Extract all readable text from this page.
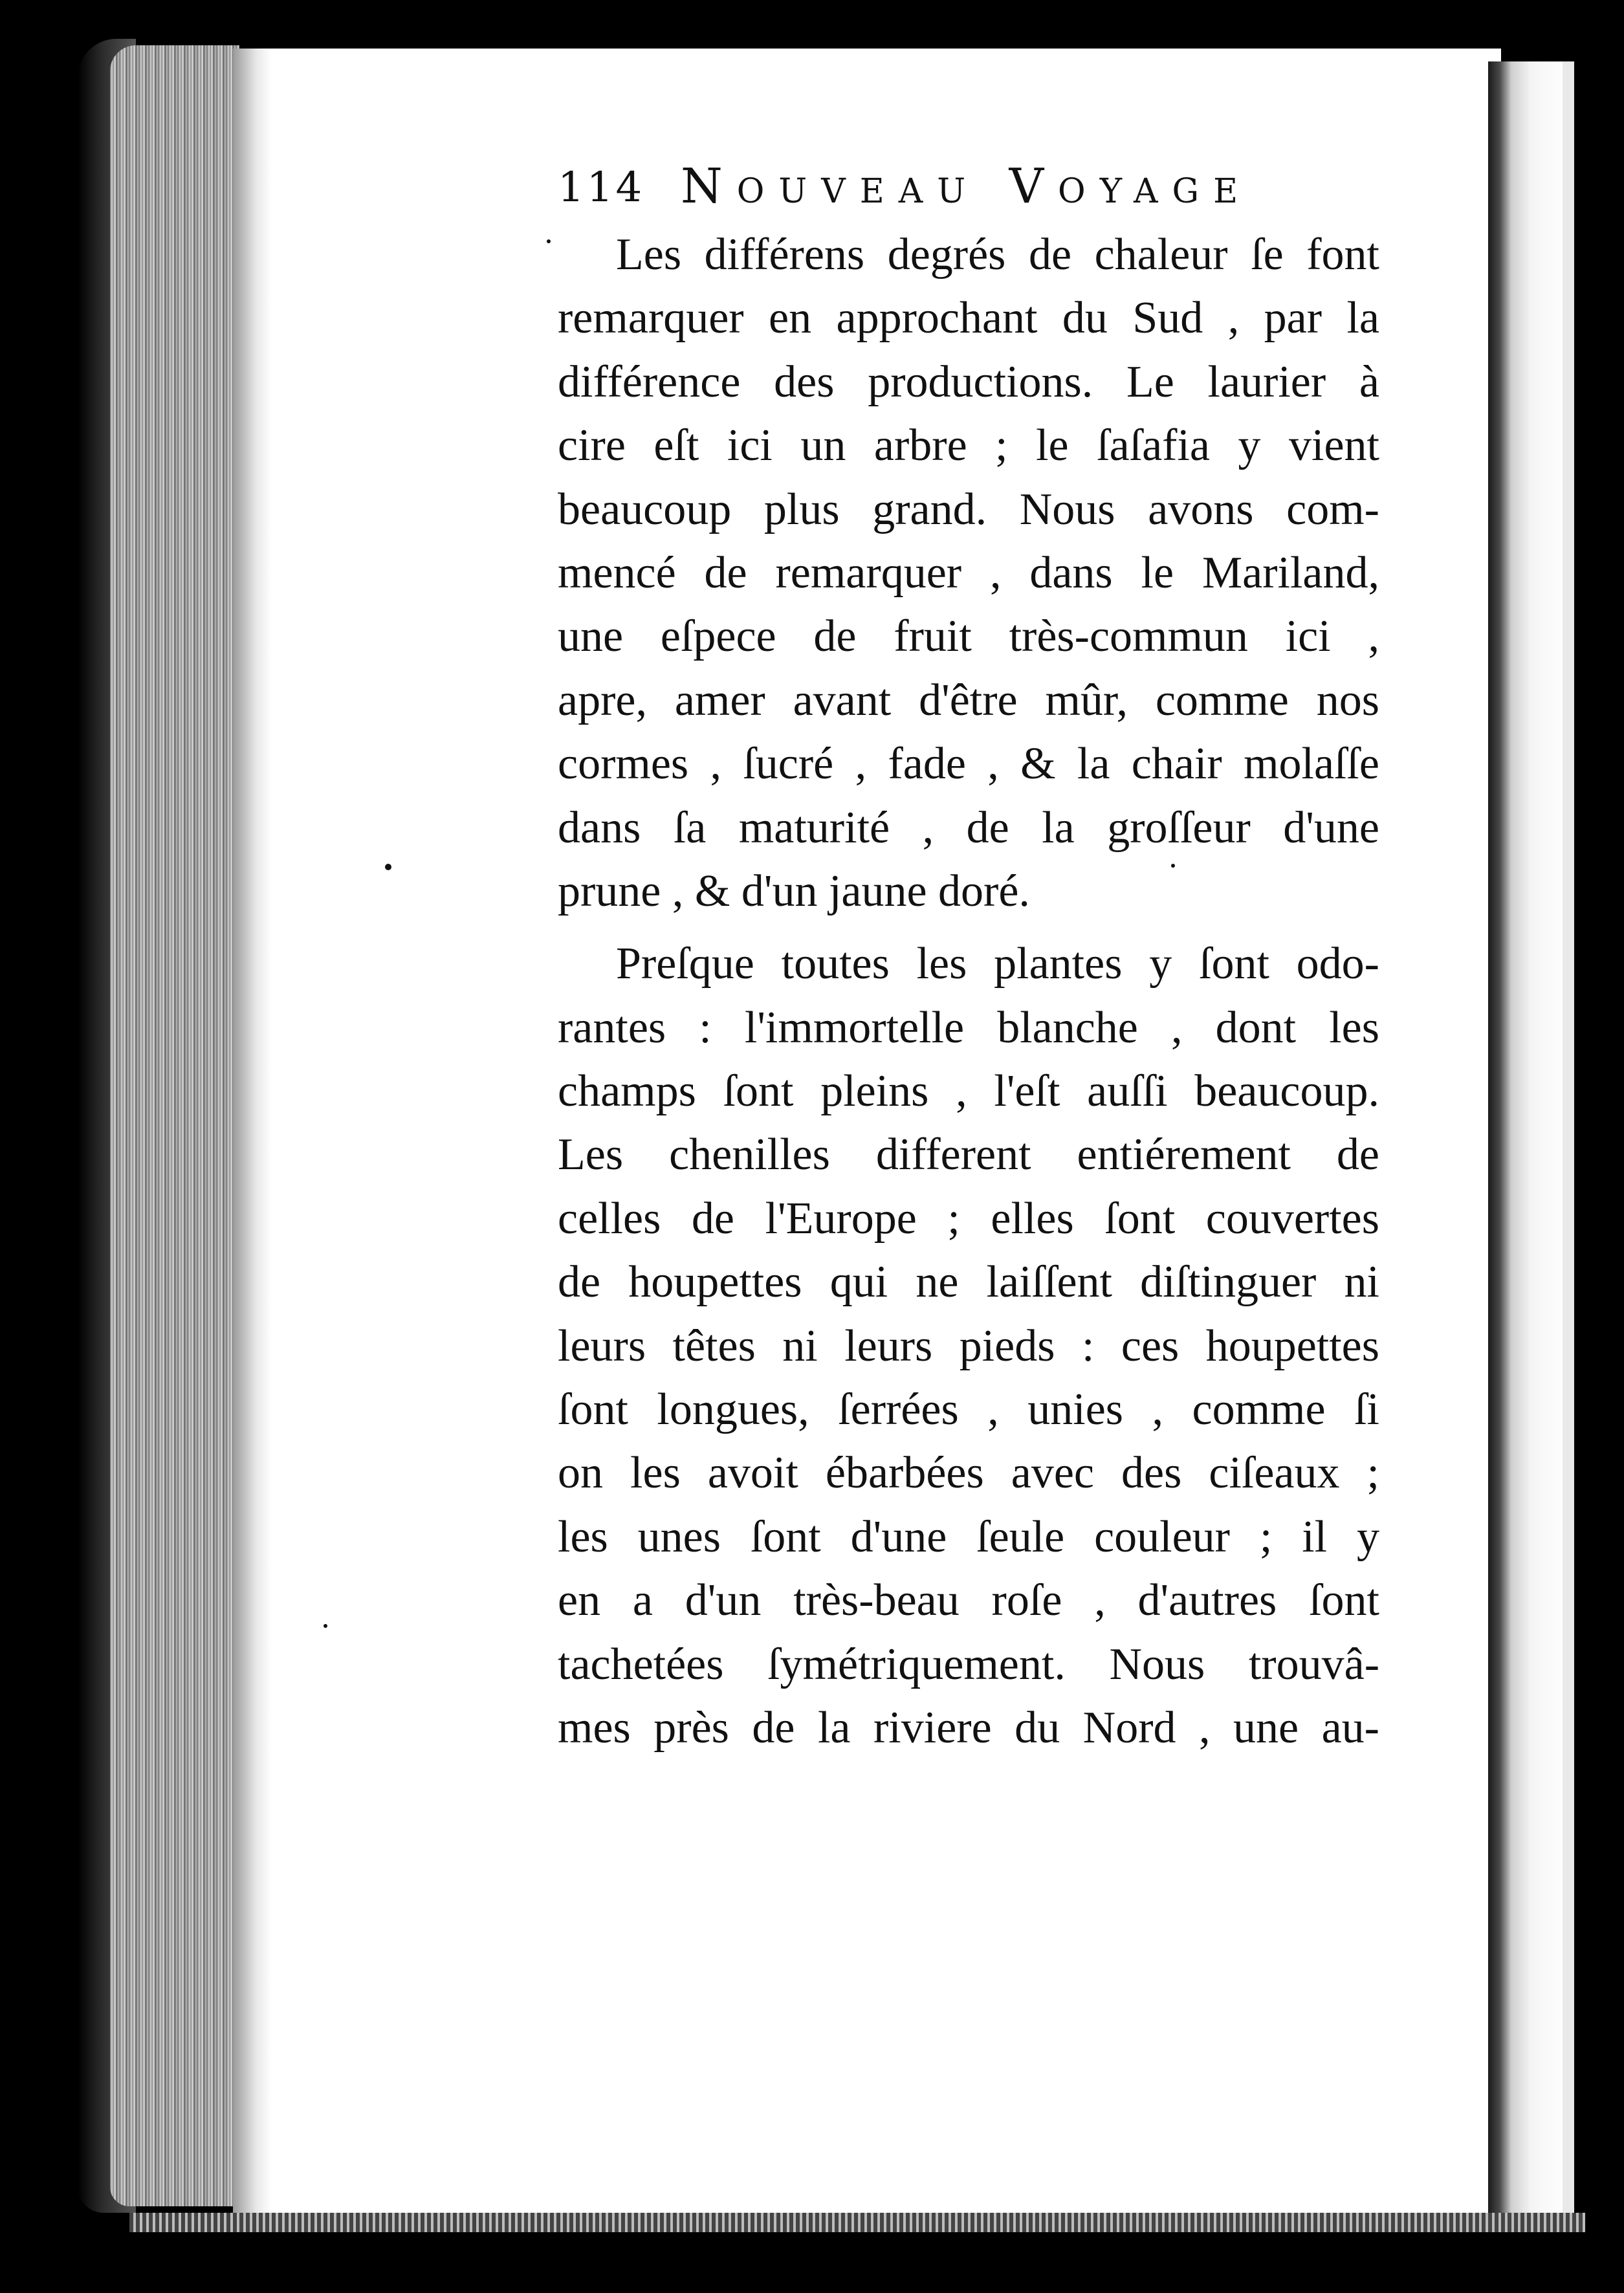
114 Nouveau Voyage
Les différens degrés de chaleur ſe font
remarquer en approchant du Sud , par la
différence des productions. Le laurier à
cire eſt ici un arbre ; le ſaſafia y vient
beaucoup plus grand. Nous avons com-
mencé de remarquer , dans le Mariland,
une eſpece de fruit très-commun ici ,
apre, amer avant d'être mûr, comme nos
cormes , ſucré , fade , & la chair molaſſe
dans ſa maturité , de la groſſeur d'une
prune , & d'un jaune doré.
Preſque toutes les plantes y ſont odo-
rantes : l'immortelle blanche , dont les
champs ſont pleins , l'eſt auſſi beaucoup.
Les chenilles different entiérement de
celles de l'Europe ; elles ſont couvertes
de houpettes qui ne laiſſent diſtinguer ni
leurs têtes ni leurs pieds : ces houpettes
ſont longues, ſerrées , unies , comme ſi
on les avoit ébarbées avec des ciſeaux ;
les unes ſont d'une ſeule couleur ; il y
en a d'un très-beau roſe , d'autres ſont
tachetées ſymétriquement. Nous trouvâ-
mes près de la riviere du Nord , une au-
